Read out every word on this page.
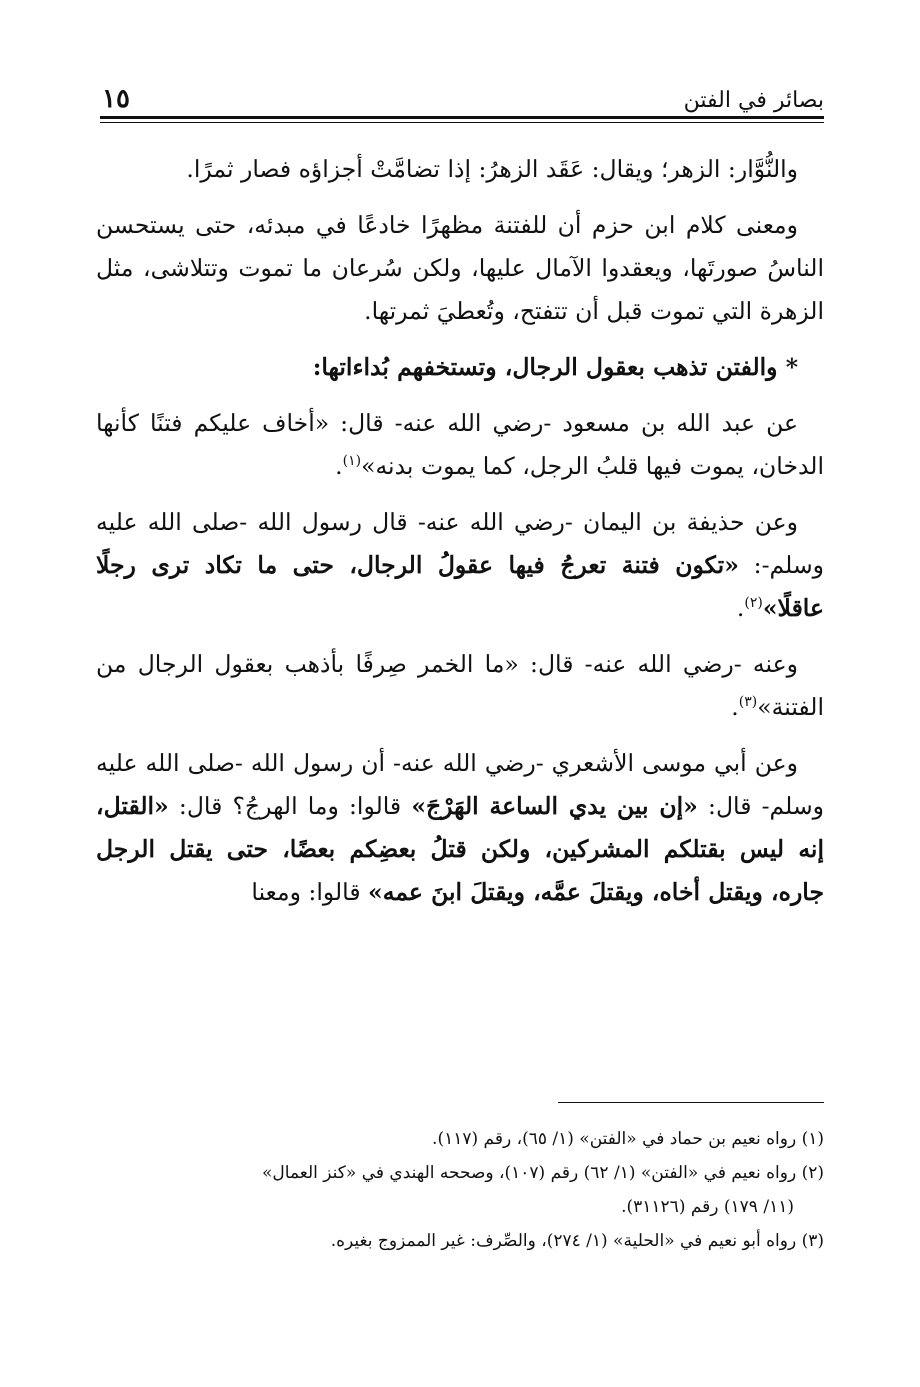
١٥	بصائر في الفتن

والنُّوَّار: الزهر؛ ويقال: عَقَد الزهرُ: إذا تضامَّتْ أجزاؤه فصار ثمرًا.

ومعنى كلام ابن حزم أن للفتنة مظهرًا خادعًا في مبدئه، حتى يستحسن الناسُ صورتَها، ويعقدوا الآمال عليها، ولكن سُرعان ما تموت وتتلاشى، مثل الزهرة التي تموت قبل أن تتفتح، وتُعطيَ ثمرتها.

* والفتن تذهب بعقول الرجال، وتستخفهم بُداءاتها:

عن عبد الله بن مسعود -رضي الله عنه- قال: «أخاف عليكم فتنًا كأنها الدخان، يموت فيها قلبُ الرجل، كما يموت بدنه»$^{(١)}$.

وعن حذيفة بن اليمان -رضي الله عنه- قال رسول الله -صلى الله عليه وسلم-: «تكون فتنة تعرجُ فيها عقولُ الرجال، حتى ما تكاد ترى رجلًا عاقلًا»$^{(٢)}$.

وعنه -رضي الله عنه- قال: «ما الخمر صِرفًا بأذهب بعقول الرجال من الفتنة»$^{(٣)}$.

وعن أبي موسى الأشعري -رضي الله عنه- أن رسول الله -صلى الله عليه وسلم- قال: «إن بين يدي الساعة الهَرْجَ» قالوا: وما الهرجُ؟ قال: «القتل، إنه ليس بقتلكم المشركين، ولكن قتلُ بعضِكم بعضًا، حتى يقتل الرجل جاره، ويقتل أخاه، ويقتلَ عمَّه، ويقتلَ ابنَ عمه» قالوا: ومعنا

(١) رواه نعيم بن حماد في «الفتن» (١/ ٦٥)، رقم (١١٧).

(٢) رواه نعيم في «الفتن» (١/ ٦٢) رقم (١٠٧)، وصححه الهندي في «كنز العمال»
(١١/ ١٧٩) رقم (٣١١٢٦).

(٣) رواه أبو نعيم في «الحلية» (١/ ٢٧٤)، والصِّرف: غير الممزوج بغيره.
